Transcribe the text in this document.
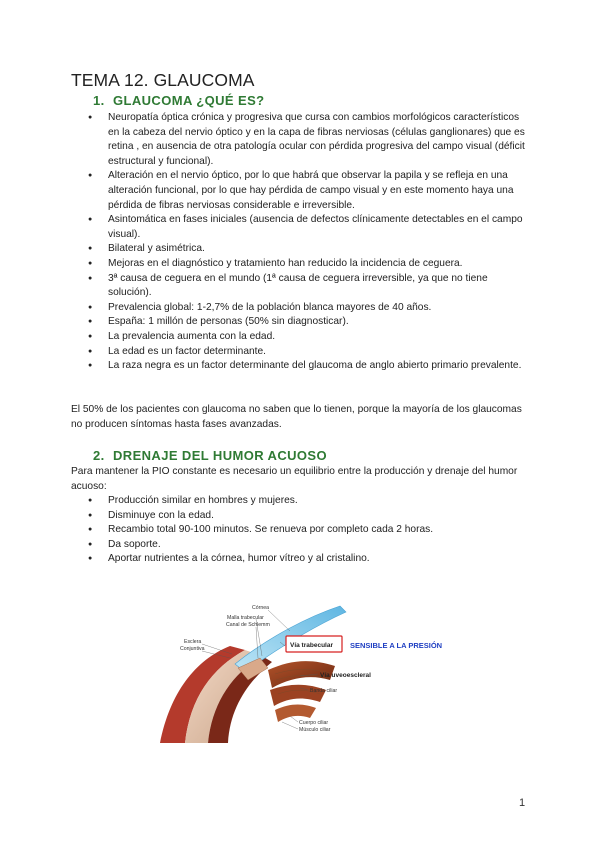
TEMA 12. GLAUCOMA
1. GLAUCOMA ¿QUÉ ES?
● Neuropatía óptica crónica y progresiva que cursa con cambios morfológicos característicos en la cabeza del nervio óptico y en la capa de fibras nerviosas (células ganglionares) que es retina , en ausencia de otra patología ocular con pérdida progresiva del campo visual (déficit estructural y funcional).
● Alteración en el nervio óptico, por lo que habrá que observar la papila y se refleja en una alteración funcional, por lo que hay pérdida de campo visual y en este momento haya una pérdida de fibras nerviosas considerable e irreversible.
● Asintomática en fases iniciales (ausencia de defectos clínicamente detectables en el campo visual).
● Bilateral y asimétrica.
● Mejoras en el diagnóstico y tratamiento han reducido la incidencia de ceguera.
● 3ª causa de ceguera en el mundo (1ª causa de ceguera irreversible, ya que no tiene solución).
● Prevalencia global: 1-2,7% de la población blanca mayores de 40 años.
● España: 1 millón de personas (50% sin diagnosticar).
● La prevalencia aumenta con la edad.
● La edad es un factor determinante.
● La raza negra es un factor determinante del glaucoma de anglo abierto primario prevalente.

El 50% de los pacientes con glaucoma no saben que lo tienen, porque la mayoría de los glaucomas no producen síntomas hasta fases avanzadas.

2. DRENAJE DEL HUMOR ACUOSO

Para mantener la PIO constante es necesario un equilibrio entre la producción y drenaje del humor acuoso:

● Producción similar en hombres y mujeres.
● Disminuye con la edad.
● Recambio total 90-100 minutos. Se renueva por completo cada 2 horas.
● Da soporte.
● Aportar nutrientes a la córnea, humor vítreo y al cristalino.
Córnea
Malla trabecular
Canal de Schlemm
Esclera
Conjuntiva	Vía trabecular SENSIBLE A LA PRESIÓN
Vía uveoescleral
Banda ciliar
Cuerpo ciliar
Músculo ciliar
1
